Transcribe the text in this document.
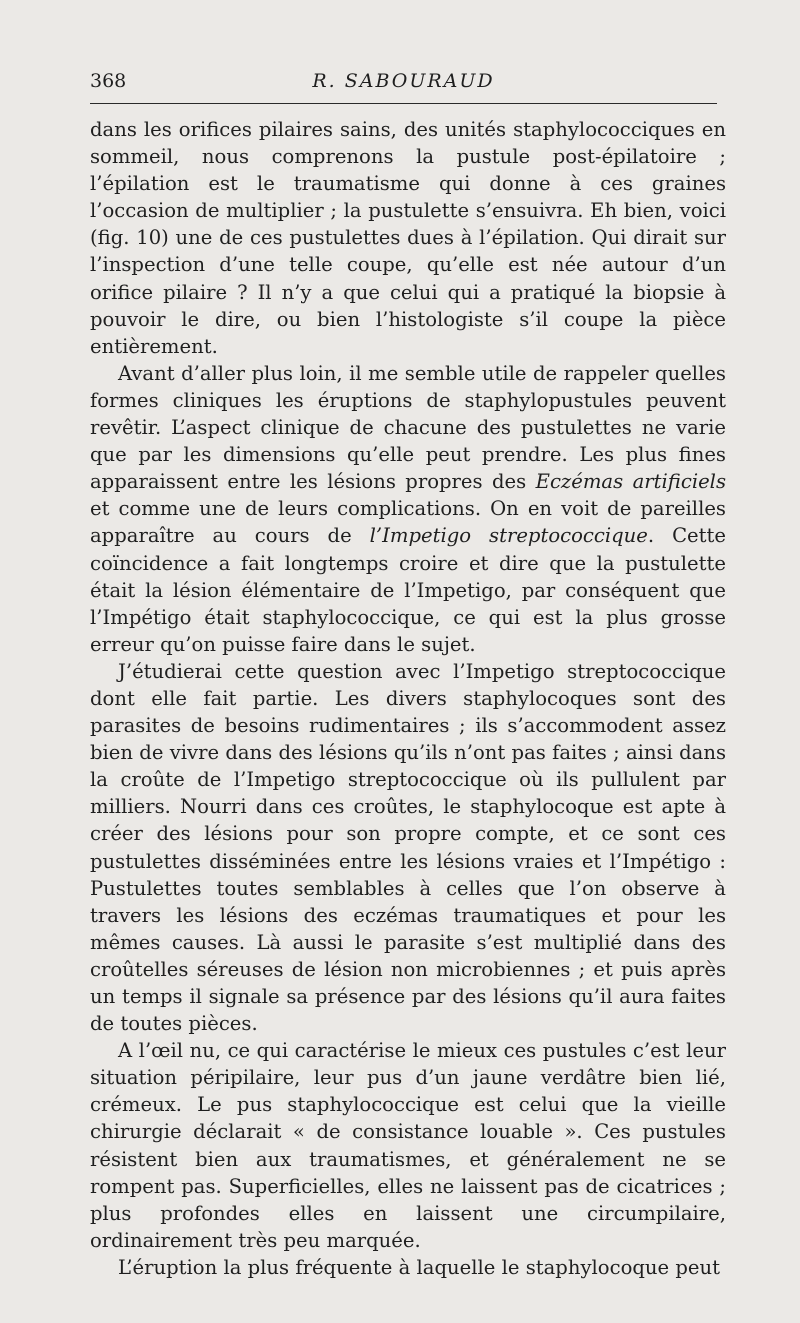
368	R. SABOURAUD

dans les orifices pilaires sains, des unités staphylococciques en sommeil, nous comprenons la pustule post-épilatoire ; l’épilation est le traumatisme qui donne à ces graines l’occasion de multiplier ; la pustulette s’ensuivra. Eh bien, voici (fig. 10) une de ces pustulettes dues à l’épilation. Qui dirait sur l’inspection d’une telle coupe, qu’elle est née autour d’un orifice pilaire ? Il n’y a que celui qui a pratiqué la biopsie à pouvoir le dire, ou bien l’histologiste s’il coupe la pièce entièrement.

Avant d’aller plus loin, il me semble utile de rappeler quelles formes cliniques les éruptions de staphylopustules peuvent revêtir. L’aspect clinique de chacune des pustulettes ne varie que par les dimensions qu’elle peut prendre. Les plus fines apparaissent entre les lésions propres des Eczémas artificiels et comme une de leurs complications. On en voit de pareilles apparaître au cours de l’Impetigo streptococcique. Cette coïncidence a fait longtemps croire et dire que la pustulette était la lésion élémentaire de l’Impetigo, par conséquent que l’Impétigo était staphylococcique, ce qui est la plus grosse erreur qu’on puisse faire dans le sujet.

J’étudierai cette question avec l’Impetigo streptococcique dont elle fait partie. Les divers staphylocoques sont des parasites de besoins rudimentaires ; ils s’accommodent assez bien de vivre dans des lésions qu’ils n’ont pas faites ; ainsi dans la croûte de l’Impetigo streptococcique où ils pullulent par milliers. Nourri dans ces croûtes, le staphylocoque est apte à créer des lésions pour son propre compte, et ce sont ces pustulettes disséminées entre les lésions vraies et l’Impétigo : Pustulettes toutes semblables à celles que l’on observe à travers les lésions des eczémas traumatiques et pour les mêmes causes. Là aussi le parasite s’est multiplié dans des croûtelles séreuses de lésion non microbiennes ; et puis après un temps il signale sa présence par des lésions qu’il aura faites de toutes pièces.

A l’œil nu, ce qui caractérise le mieux ces pustules c’est leur situation péripilaire, leur pus d’un jaune verdâtre bien lié, crémeux. Le pus staphylococcique est celui que la vieille chirurgie déclarait « de consistance louable ». Ces pustules résistent bien aux traumatismes, et généralement ne se rompent pas. Superficielles, elles ne laissent pas de cicatrices ; plus profondes elles en laissent une circumpilaire, ordinairement très peu marquée.

L’éruption la plus fréquente à laquelle le staphylocoque peut
